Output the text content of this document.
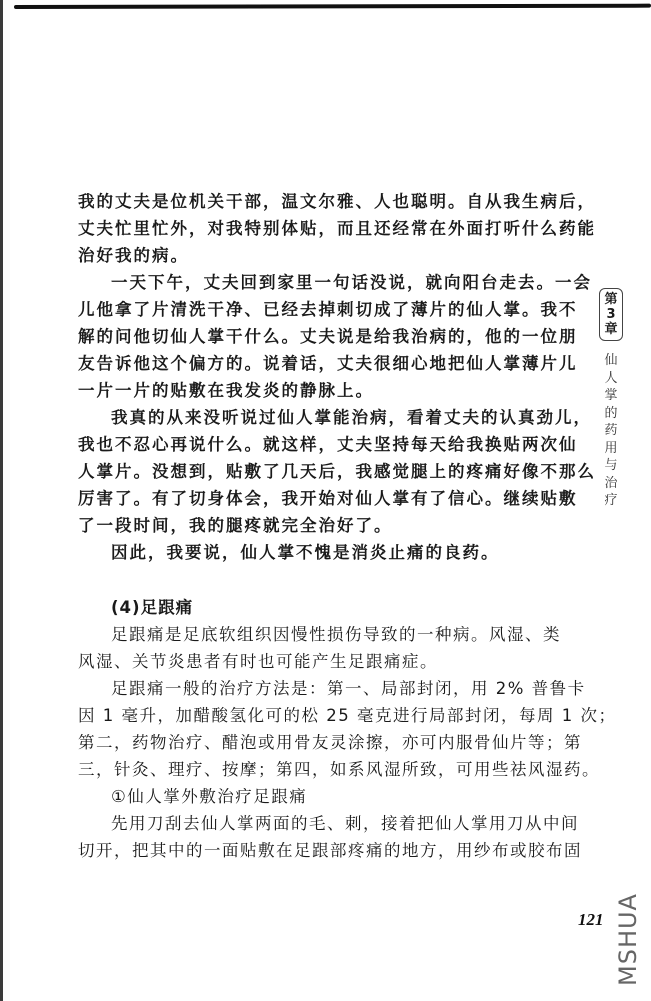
我的丈夫是位机关干部，温文尔雅、人也聪明。自从我生病后，
丈夫忙里忙外，对我特别体贴，而且还经常在外面打听什么药能
治好我的病。
一天下午，丈夫回到家里一句话没说，就向阳台走去。一会
儿他拿了片清洗干净、已经去掉刺切成了薄片的仙人掌。我不
解的问他切仙人掌干什么。丈夫说是给我治病的，他的一位朋
友告诉他这个偏方的。说着话，丈夫很细心地把仙人掌薄片儿
一片一片的贴敷在我发炎的静脉上。
我真的从来没听说过仙人掌能治病，看着丈夫的认真劲儿，
我也不忍心再说什么。就这样，丈夫坚持每天给我换贴两次仙
人掌片。没想到，贴敷了几天后，我感觉腿上的疼痛好像不那么
厉害了。有了切身体会，我开始对仙人掌有了信心。继续贴敷
了一段时间，我的腿疼就完全治好了。
因此，我要说，仙人掌不愧是消炎止痛的良药。
(4)足跟痛
足跟痛是足底软组织因慢性损伤导致的一种病。风湿、类
风湿、关节炎患者有时也可能产生足跟痛症。
足跟痛一般的治疗方法是：第一、局部封闭，用 2% 普鲁卡
因 1 毫升，加醋酸氢化可的松 25 毫克进行局部封闭，每周 1 次；
第二，药物治疗、醋泡或用骨友灵涂擦，亦可内服骨仙片等；第
三，针灸、理疗、按摩；第四，如系风湿所致，可用些祛风湿药。
①仙人掌外敷治疗足跟痛
先用刀刮去仙人掌两面的毛、刺，接着把仙人掌用刀从中间
切开，把其中的一面贴敷在足跟部疼痛的地方，用纱布或胶布固
第
3
章
仙
人
掌
的
药
用
与
治
疗
121 MSHUA
